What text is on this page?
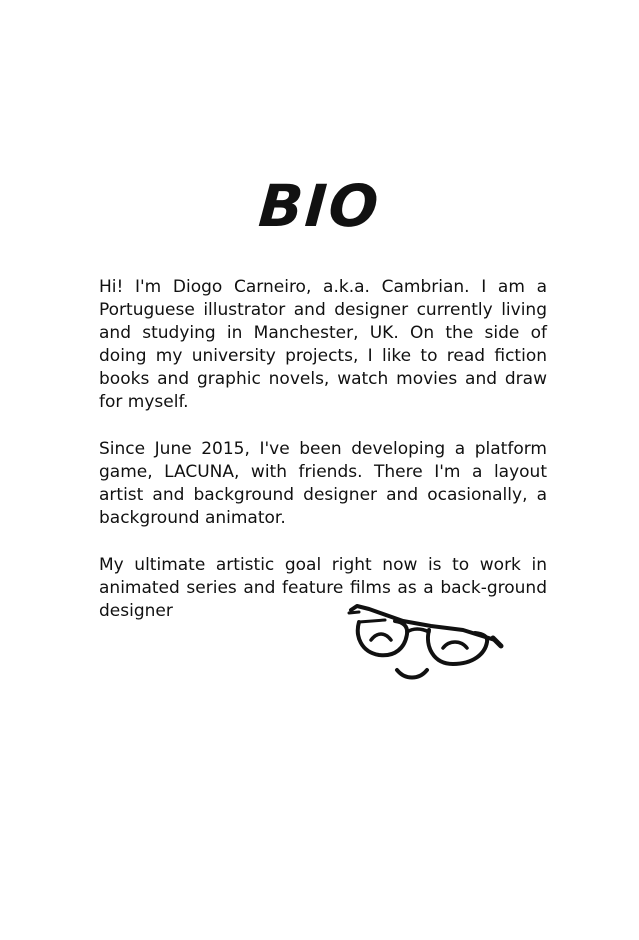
BIO

Hi! I'm Diogo Carneiro, a.k.a. Cambrian. I am a Portuguese illustrator and designer currently living and studying in Manchester, UK. On the side of doing my university projects, I like to read fiction books and graphic novels, watch movies and draw for myself.

Since June 2015, I've been developing a platform game, LACUNA, with friends. There I'm a layout artist and background designer and ocasionally, a background animator.

My ultimate artistic goal right now is to work in animated series and feature films as a back-ground designer
